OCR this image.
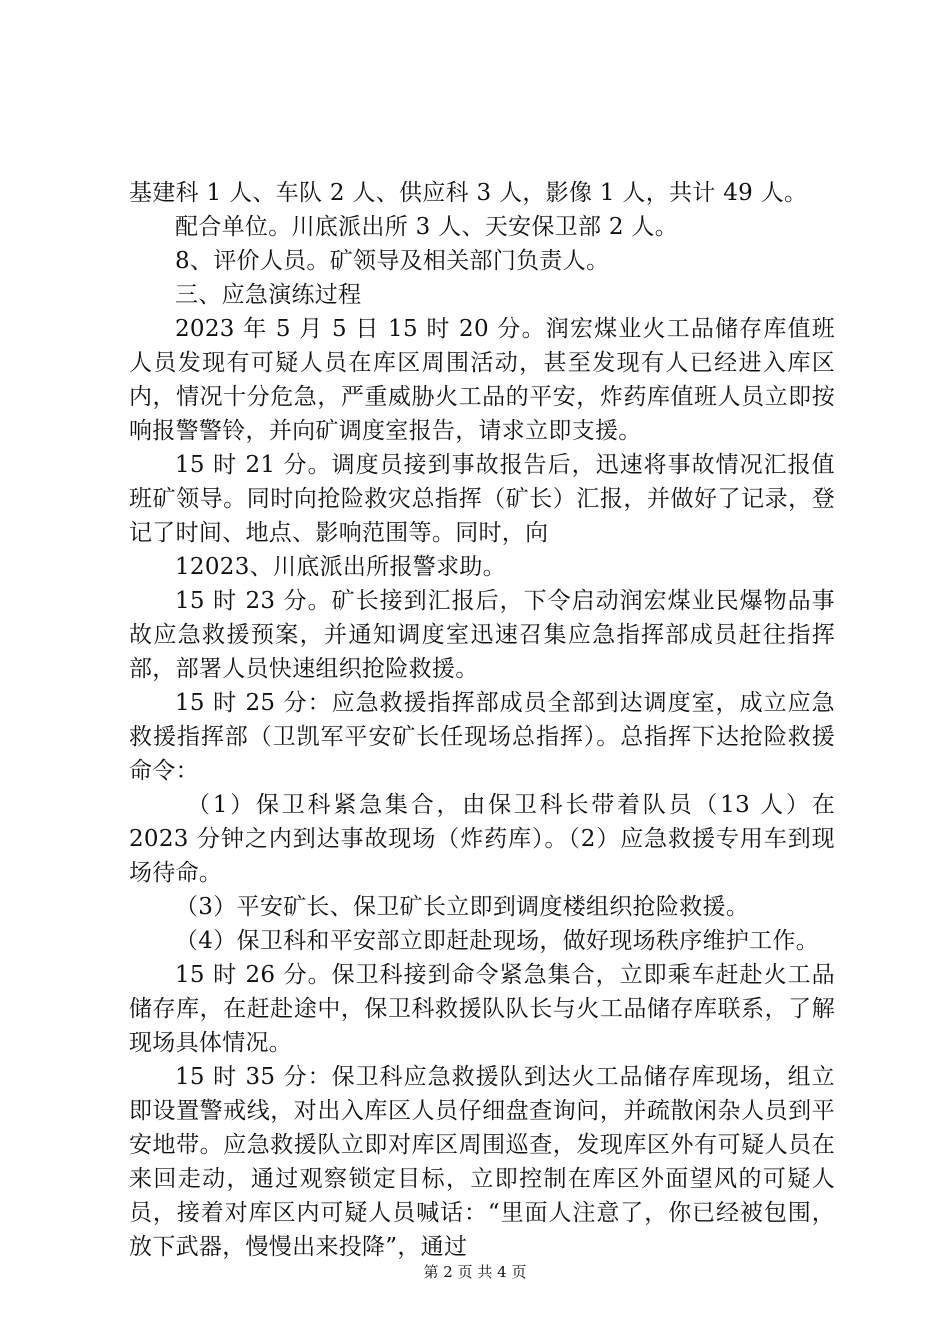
基建科 1 人、车队 2 人、供应科 3 人，影像 1 人，共计 49 人。

配合单位。川底派出所 3 人、天安保卫部 2 人。

8、评价人员。矿领导及相关部门负责人。

三、应急演练过程

2023 年 5 月 5 日 15 时 20 分。润宏煤业火工品储存库值班人员发现有可疑人员在库区周围活动，甚至发现有人已经进入库区内，情况十分危急，严重威胁火工品的平安，炸药库值班人员立即按响报警警铃，并向矿调度室报告，请求立即支援。

15 时 21 分。调度员接到事故报告后，迅速将事故情况汇报值班矿领导。同时向抢险救灾总指挥（矿长）汇报，并做好了记录，登记了时间、地点、影响范围等。同时，向

12023、川底派出所报警求助。

15 时 23 分。矿长接到汇报后，下令启动润宏煤业民爆物品事故应急救援预案，并通知调度室迅速召集应急指挥部成员赶往指挥部，部署人员快速组织抢险救援。

15 时 25 分：应急救援指挥部成员全部到达调度室，成立应急救援指挥部（卫凯军平安矿长任现场总指挥）。总指挥下达抢险救援命令：

（1）保卫科紧急集合，由保卫科长带着队员（13 人）在 2023 分钟之内到达事故现场（炸药库）。（2）应急救援专用车到现场待命。

（3）平安矿长、保卫矿长立即到调度楼组织抢险救援。

（4）保卫科和平安部立即赶赴现场，做好现场秩序维护工作。

15 时 26 分。保卫科接到命令紧急集合，立即乘车赶赴火工品储存库，在赶赴途中，保卫科救援队队长与火工品储存库联系，了解现场具体情况。

15 时 35 分：保卫科应急救援队到达火工品储存库现场，组立即设置警戒线，对出入库区人员仔细盘查询问，并疏散闲杂人员到平安地带。应急救援队立即对库区周围巡查，发现库区外有可疑人员在来回走动，通过观察锁定目标，立即控制在库区外面望风的可疑人员，接着对库区内可疑人员喊话：“里面人注意了，你已经被包围，放下武器，慢慢出来投降”，通过

第 2 页 共 4 页
